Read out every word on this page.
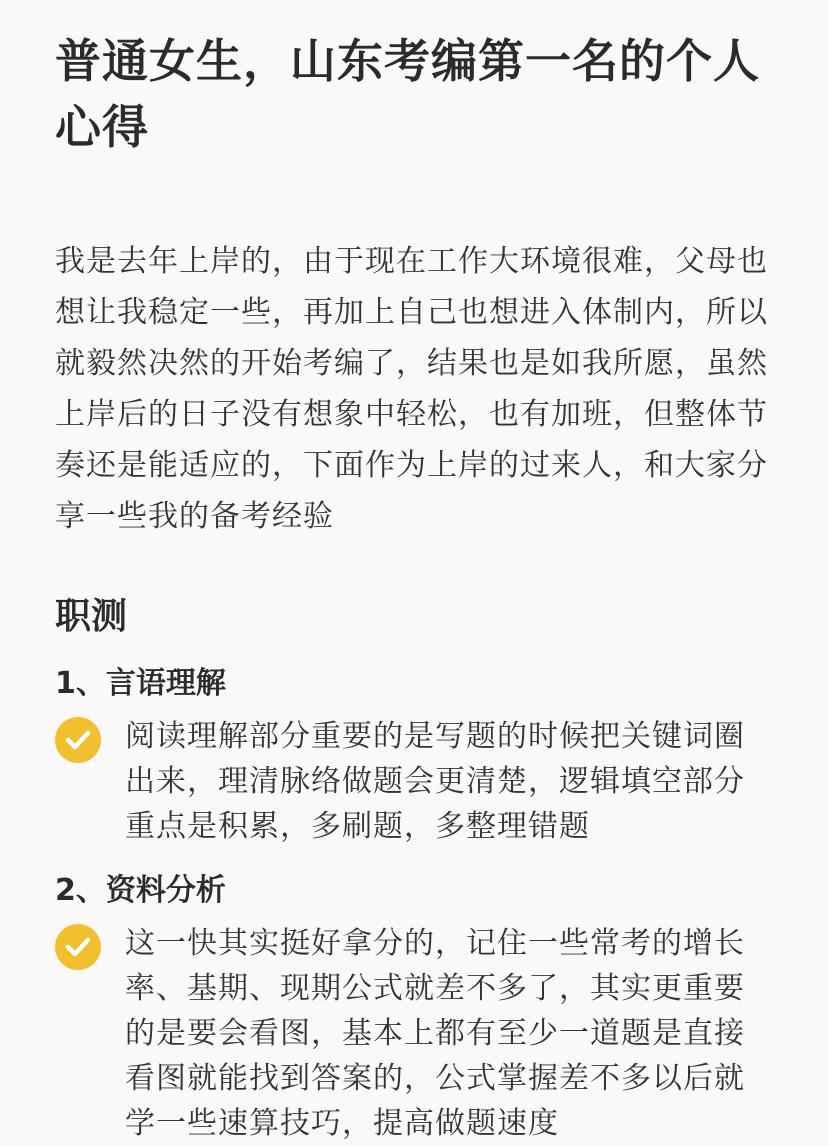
普通女生，山东考编第一名的个人心得

我是去年上岸的，由于现在工作大环境很难，父母也想让我稳定一些，再加上自己也想进入体制内，所以就毅然决然的开始考编了，结果也是如我所愿，虽然上岸后的日子没有想象中轻松，也有加班，但整体节奏还是能适应的，下面作为上岸的过来人，和大家分享一些我的备考经验

职测
1、言语理解
阅读理解部分重要的是写题的时候把关键词圈出来，理清脉络做题会更清楚，逻辑填空部分重点是积累，多刷题，多整理错题
2、资料分析
这一快其实挺好拿分的，记住一些常考的增长率、基期、现期公式就差不多了，其实更重要的是要会看图，基本上都有至少一道题是直接看图就能找到答案的，公式掌握差不多以后就学一些速算技巧，提高做题速度
